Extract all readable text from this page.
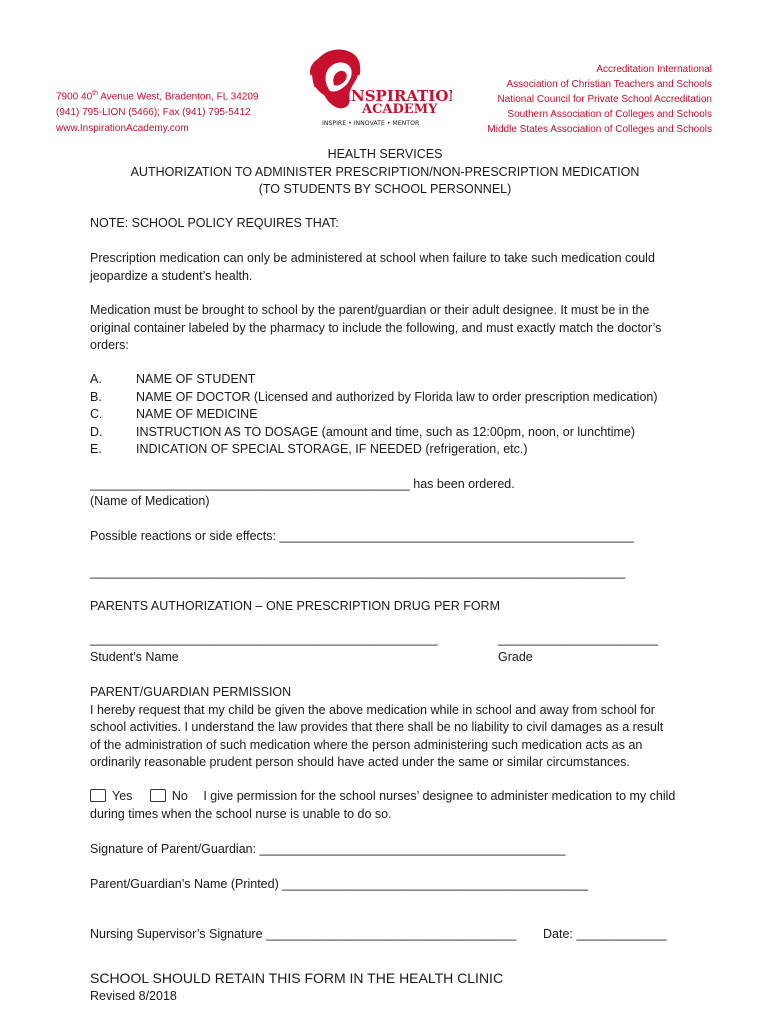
7900 40th Avenue West, Bradenton, FL 34209
(941) 795-LION (5466); Fax (941) 795-5412
www.InspirationAcademy.com
INSPIRATION
ACADEMY
INSPIRE • INNOVATE • MENTOR
Accreditation International
Association of Christian Teachers and Schools
National Council for Private School Accreditation
Southern Association of Colleges and Schools
Middle States Association of Colleges and Schools
HEALTH SERVICES
AUTHORIZATION TO ADMINISTER PRESCRIPTION/NON-PRESCRIPTION MEDICATION
(TO STUDENTS BY SCHOOL PERSONNEL)
NOTE: SCHOOL POLICY REQUIRES THAT:
Prescription medication can only be administered at school when failure to take such medication could
jeopardize a student’s health.
Medication must be brought to school by the parent/guardian or their adult designee. It must be in the
original container labeled by the pharmacy to include the following, and must exactly match the doctor’s
orders:
A.
B.
C.
D.
E.
NAME OF STUDENT
NAME OF DOCTOR (Licensed and authorized by Florida law to order prescription medication)
NAME OF MEDICINE
INSTRUCTION AS TO DOSAGE (amount and time, such as 12:00pm, noon, or lunchtime)
INDICATION OF SPECIAL STORAGE, IF NEEDED (refrigeration, etc.)
______________________________________________ has been ordered.
(Name of Medication)
Possible reactions or side effects: ___________________________________________________
_____________________________________________________________________________
PARENTS AUTHORIZATION – ONE PRESCRIPTION DRUG PER FORM
__________________________________________________	_______________________
Student’s Name	Grade
PARENT/GUARDIAN PERMISSION
I hereby request that my child be given the above medication while in school and away from school for
school activities. I understand the law provides that there shall be no liability to civil damages as a result
of the administration of such medication where the person administering such medication acts as an
ordinarily reasonable prudent person should have acted under the same or similar circumstances.
Yes	No I give permission for the school nurses’ designee to administer medication to my child
during times when the school nurse is unable to do so.
Signature of Parent/Guardian: ____________________________________________
Parent/Guardian’s Name (Printed) ____________________________________________
Nursing Supervisor’s Signature ____________________________________ Date: _____________
SCHOOL SHOULD RETAIN THIS FORM IN THE HEALTH CLINIC
Revised 8/2018
